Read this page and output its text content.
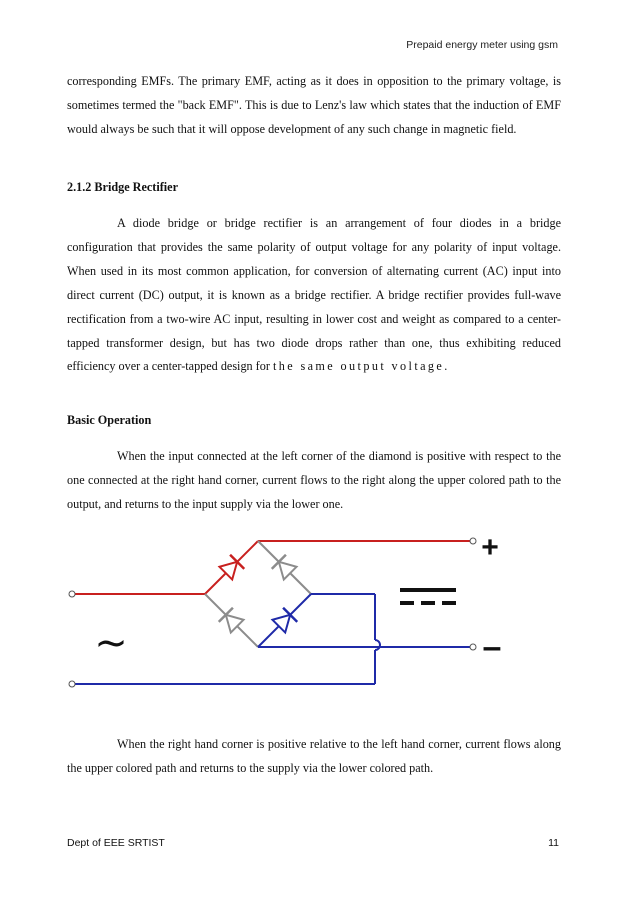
Prepaid energy meter using gsm

corresponding EMFs. The primary EMF, acting as it does in opposition to the primary voltage, is sometimes termed the "back EMF". This is due to Lenz's law which states that the induction of EMF would always be such that it will oppose development of any such change in magnetic field.

2.1.2 Bridge Rectifier

A diode bridge or bridge rectifier is an arrangement of four diodes in a bridge configuration that provides the same polarity of output voltage for any polarity of input voltage. When used in its most common application, for conversion of alternating current (AC) input into direct current (DC) output, it is known as a bridge rectifier. A bridge rectifier provides full-wave rectification from a two-wire AC input, resulting in lower cost and weight as compared to a center-tapped transformer design, but has two diode drops rather than one, thus exhibiting reduced efficiency over a center-tapped design for the same output voltage.

Basic Operation

When the input connected at the left corner of the diamond is positive with respect to the one connected at the right hand corner, current flows to the right along the upper colored path to the output, and returns to the input supply via the lower one.

+
–
~

When the right hand corner is positive relative to the left hand corner, current flows along the upper colored path and returns to the supply via the lower colored path.

Dept of EEE SRTIST	11
